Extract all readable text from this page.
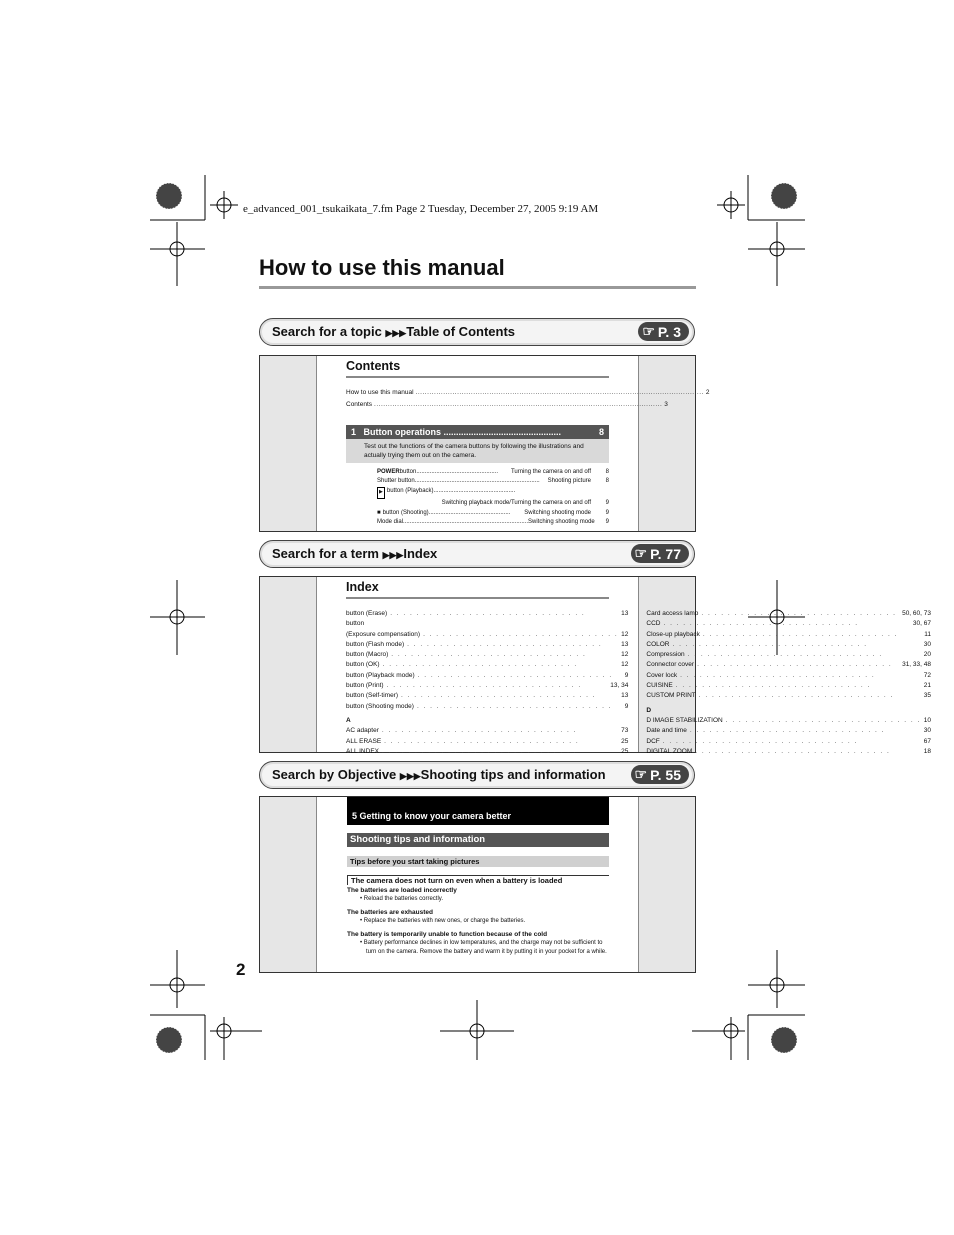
e_advanced_001_tsukaikata_7.fm Page 2 Tuesday, December 27, 2005 9:19 AM
How to use this manual
Search for a topic ▶▶▶Table of Contents	☞ P. 3
Contents
How to use this manual ............................................................................................................................. 2
Contents ............................................................................................................................. 3
1 Button operations ...............................................	8
Test out the functions of the camera buttons by following the illustrations and actually trying them out on the camera.
POWER button .................................................	Turning the camera on and off	8
Shutter button ...........................................................................	Shooting picture	8
▶ button (Playback) .................................................
Switching playback mode/Turning the camera on and off	9
■ button (Shooting) .................................................	Switching shooting mode	9
Mode dial ........................................................................... Switching shooting mode	9
Search for a term ▶▶▶Index	☞ P. 77
Index
button (Erase) . . . . . . . . . . . . . . . . . . . . . . . . . . . . . .	13
button
(Exposure compensation) . . . . . . . . . . . . . . . . . . . . . . . . . . . . . . 12
button (Flash mode) . . . . . . . . . . . . . . . . . . . . . . . . . . . . . .	13
button (Macro) . . . . . . . . . . . . . . . . . . . . . . . . . . . . . .	12
button (OK) . . . . . . . . . . . . . . . . . . . . . . . . . . . . . .	12
button (Playback mode) . . . . . . . . . . . . . . . . . . . . . . . . . . . . . .	9
button (Print) . . . . . . . . . . . . . . . . . . . . . . . . . . . . . .	13, 34
button (Self-timer) . . . . . . . . . . . . . . . . . . . . . . . . . . . . . .	13
button (Shooting mode) . . . . . . . . . . . . . . . . . . . . . . . . . . . . . .	9
A
AC adapter . . . . . . . . . . . . . . . . . . . . . . . . . . . . . .	73
ALL ERASE . . . . . . . . . . . . . . . . . . . . . . . . . . . . . .	25
ALL INDEX . . . . . . . . . . . . . . . . . . . . . . . . . . . . . .	25
Card access lamp . . . . . . . . . . . . . . . . . . . . . . . . . . . . . . 50, 60, 73
CCD . . . . . . . . . . . . . . . . . . . . . . . . . . . . . .	30, 67
Close-up playback . . . . . . . . . . . . . . . . . . . . . . . . . . . . . .	11
COLOR . . . . . . . . . . . . . . . . . . . . . . . . . . . . . .	30
Compression . . . . . . . . . . . . . . . . . . . . . . . . . . . . . .	20
Connector cover . . . . . . . . . . . . . . . . . . . . . . . . . . . . . .	31, 33, 48
Cover lock . . . . . . . . . . . . . . . . . . . . . . . . . . . . . .	72
CUISINE . . . . . . . . . . . . . . . . . . . . . . . . . . . . . .	21
CUSTOM PRINT . . . . . . . . . . . . . . . . . . . . . . . . . . . . . .	35
D
D IMAGE STABILIZATION . . . . . . . . . . . . . . . . . . . . . . . . . . . . . . 10
Date and time . . . . . . . . . . . . . . . . . . . . . . . . . . . . . .	30
DCF . . . . . . . . . . . . . . . . . . . . . . . . . . . . . .	67
DIGITAL ZOOM . . . . . . . . . . . . . . . . . . . . . . . . . . . . . .	18
Search by Objective ▶▶▶Shooting tips and information ☞ P. 55
5 Getting to know your camera better
Shooting tips and information
Tips before you start taking pictures
The camera does not turn on even when a battery is loaded
The batteries are loaded incorrectly
• Reload the batteries correctly.
The batteries are exhausted
• Replace the batteries with new ones, or charge the batteries.
The battery is temporarily unable to function because of the cold
• Battery performance declines in low temperatures, and the charge may not be sufficient to turn on the camera. Remove the battery and warm it by putting it in your pocket for a while.
2
